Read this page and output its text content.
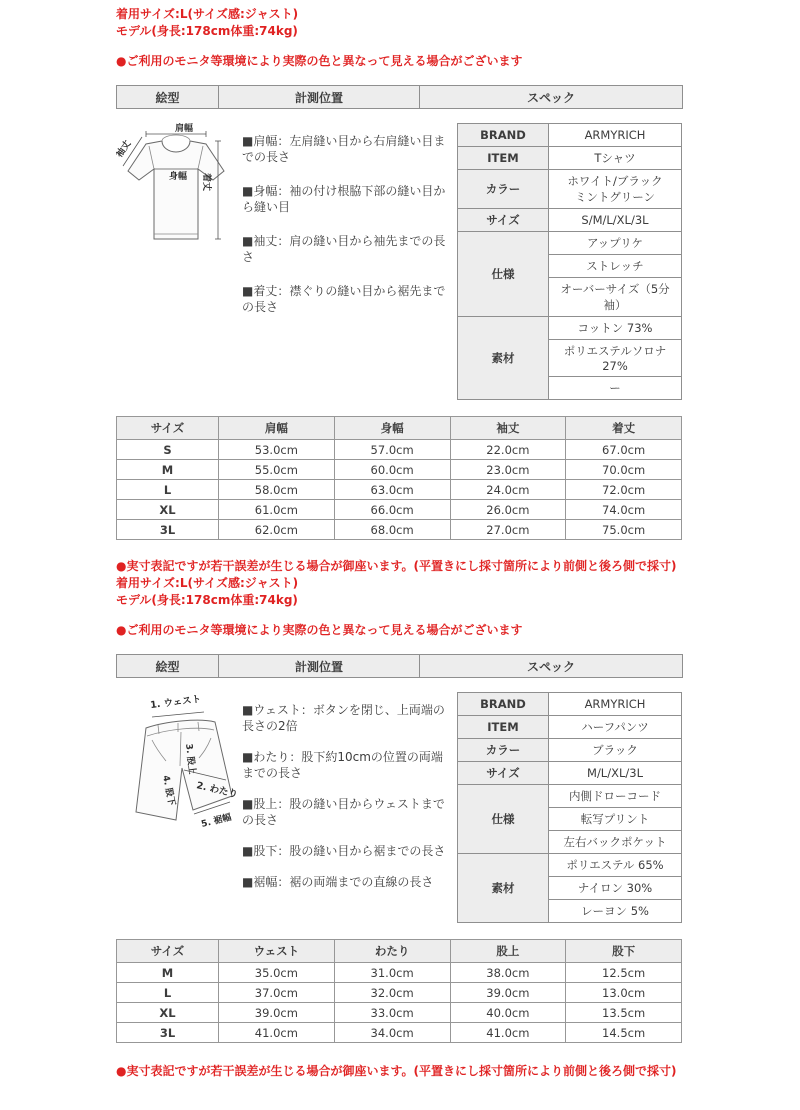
着用サイズ:L(サイズ感:ジャスト)
モデル(身長:178cm体重:74kg)
●ご利用のモニタ等環境により実際の色と異なって見える場合がございます
絵型	計測位置	スペック
肩幅
袖丈
身幅 着丈
■肩幅：左肩縫い目から右肩縫い目までの長さ
■身幅：袖の付け根脇下部の縫い目から縫い目
■袖丈：肩の縫い目から袖先までの長さ
■着丈：襟ぐりの縫い目から裾先までの長さ
BRAND	ARMYRICH
ITEM	Tシャツ
カラー	ホワイト/ブラック
ミントグリーン

サイズ	S/M/L/XL/3L
仕様	アップリケ
	ストレッチ
	オーバーサイズ（5分袖）
素材	コットン 73%
	ポリエステルソロナ 27%
	ー
サイズ	肩幅	身幅	袖丈	着丈
S	53.0cm	57.0cm	22.0cm	67.0cm
M	55.0cm	60.0cm	23.0cm	70.0cm
L	58.0cm	63.0cm	24.0cm	72.0cm
XL	61.0cm	66.0cm	26.0cm	74.0cm
3L	62.0cm	68.0cm	27.0cm	75.0cm
●実寸表記ですが若干誤差が生じる場合が御座います。(平置きにし採寸箇所により前側と後ろ側で採寸)
着用サイズ:L(サイズ感:ジャスト)
モデル(身長:178cm体重:74kg)
●ご利用のモニタ等環境により実際の色と異なって見える場合がございます
絵型	計測位置	スペック
1. ウェスト
3. 股上
2. わたり
4. 股下
5. 裾幅
■ウェスト：ボタンを閉じ、上両端の長さの2倍
■わたり：股下約10cmの位置の両端までの長さ
■股上：股の縫い目からウェストまでの長さ
■股下：股の縫い目から裾までの長さ
■裾幅：裾の両端までの直線の長さ
BRAND	ARMYRICH
ITEM	ハーフパンツ
カラー	ブラック
サイズ	M/L/XL/3L
仕様	内側ドローコード
	転写プリント
	左右バックポケット
素材	ポリエステル 65%
	ナイロン 30%
	レーヨン 5%
サイズ	ウェスト	わたり	股上	股下
M	35.0cm	31.0cm	38.0cm	12.5cm
L	37.0cm	32.0cm	39.0cm	13.0cm
XL	39.0cm	33.0cm	40.0cm	13.5cm
3L	41.0cm	34.0cm	41.0cm	14.5cm
●実寸表記ですが若干誤差が生じる場合が御座います。(平置きにし採寸箇所により前側と後ろ側で採寸)
